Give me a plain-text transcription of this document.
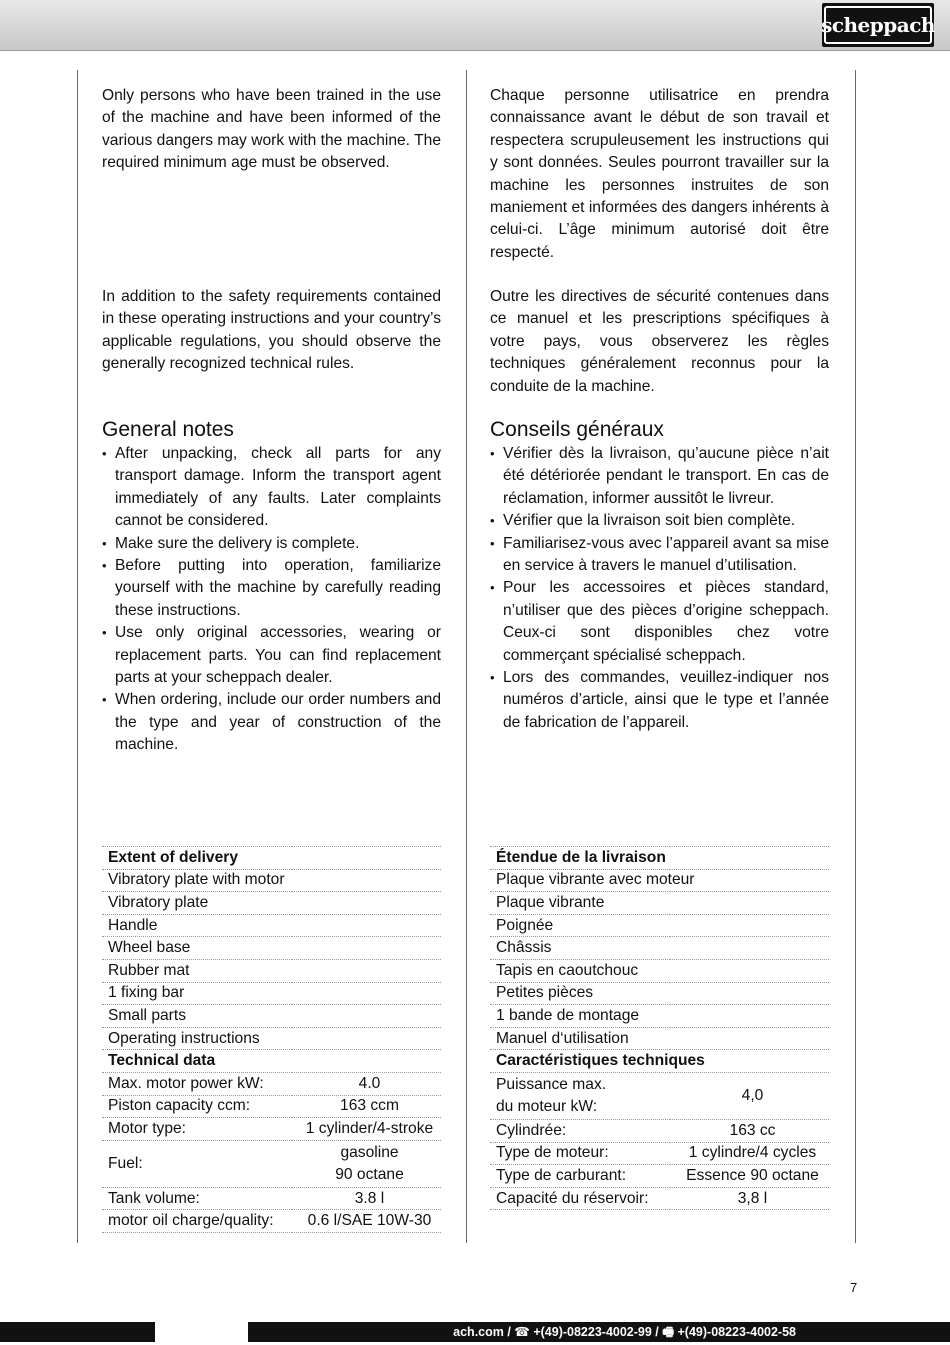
scheppach

Only persons who have been trained in the use of the machine and have been informed of the various dangers may work with the machine. The required minimum age must be observed.

In addition to the safety requirements contained in these operating instructions and your country’s applicable regulations, you should observe the generally recognized technical rules.

General notes
• After unpacking, check all parts for any transport damage. Inform the transport agent immediately of any faults. Later complaints cannot be considered.
• Make sure the delivery is complete.
• Before putting into operation, familiarize yourself with the machine by carefully reading these instructions.
• Use only original accessories, wearing or replacement parts. You can find replacement parts at your scheppach dealer.
• When ordering, include our order numbers and the type and year of construction of the machine.
Extent of delivery	
Vibratory plate with motor	
Vibratory plate	
Handle	
Wheel base	
Rubber mat	
1 fixing bar	
Small parts	
Operating instructions	
Technical data	
Max. motor power kW:	4.0
Piston capacity ccm:	163 ccm
Motor type:	1 cylinder/4-stroke
Fuel:	gasoline
90 octane

Tank volume:	3.8 l
motor oil charge/quality:	0.6 l/SAE 10W-30

Chaque personne utilisatrice en prendra connaissance avant le début de son travail et respectera scrupuleusement les instructions qui y sont données. Seules pourront travailler sur la machine les personnes instruites de son maniement et informées des dangers inhérents à celui-ci. L’âge minimum autorisé doit être respecté.

Outre les directives de sécurité contenues dans ce manuel et les prescriptions spécifiques à votre pays, vous observerez les règles techniques généralement reconnus pour la conduite de la machine.

Conseils généraux
• Vérifier dès la livraison, qu’aucune pièce n’ait été détériorée pendant le transport. En cas de réclamation, informer aussitôt le livreur.
• Vérifier que la livraison soit bien complète.
• Familiarisez-vous avec l’appareil avant sa mise en service à travers le manuel d’utilisation.
• Pour les accessoires et pièces standard, n’utiliser que des pièces d’origine scheppach. Ceux-ci sont disponibles chez votre commerçant spécialisé scheppach.
• Lors des commandes, veuillez-indiquer nos numéros d’article, ainsi que le type et l’année de fabrication de l’appareil.
Étendue de la livraison	
Plaque vibrante avec moteur	
Plaque vibrante	
Poignée	
Châssis	
Tapis en caoutchouc	
Petites pièces	
1 bande de montage	
Manuel d‘utilisation	
Caractéristiques techniques	

Puissance max.
du moteur kW:	4,0
Cylindrée:	163 cc
Type de moteur:	1 cylindre/4 cycles
Type de carburant:	Essence 90 octane
Capacité du réservoir:	3,8 l
7
ach.com / ☎ +(49)-08223-4002-99 / 🖷 +(49)-08223-4002-58
